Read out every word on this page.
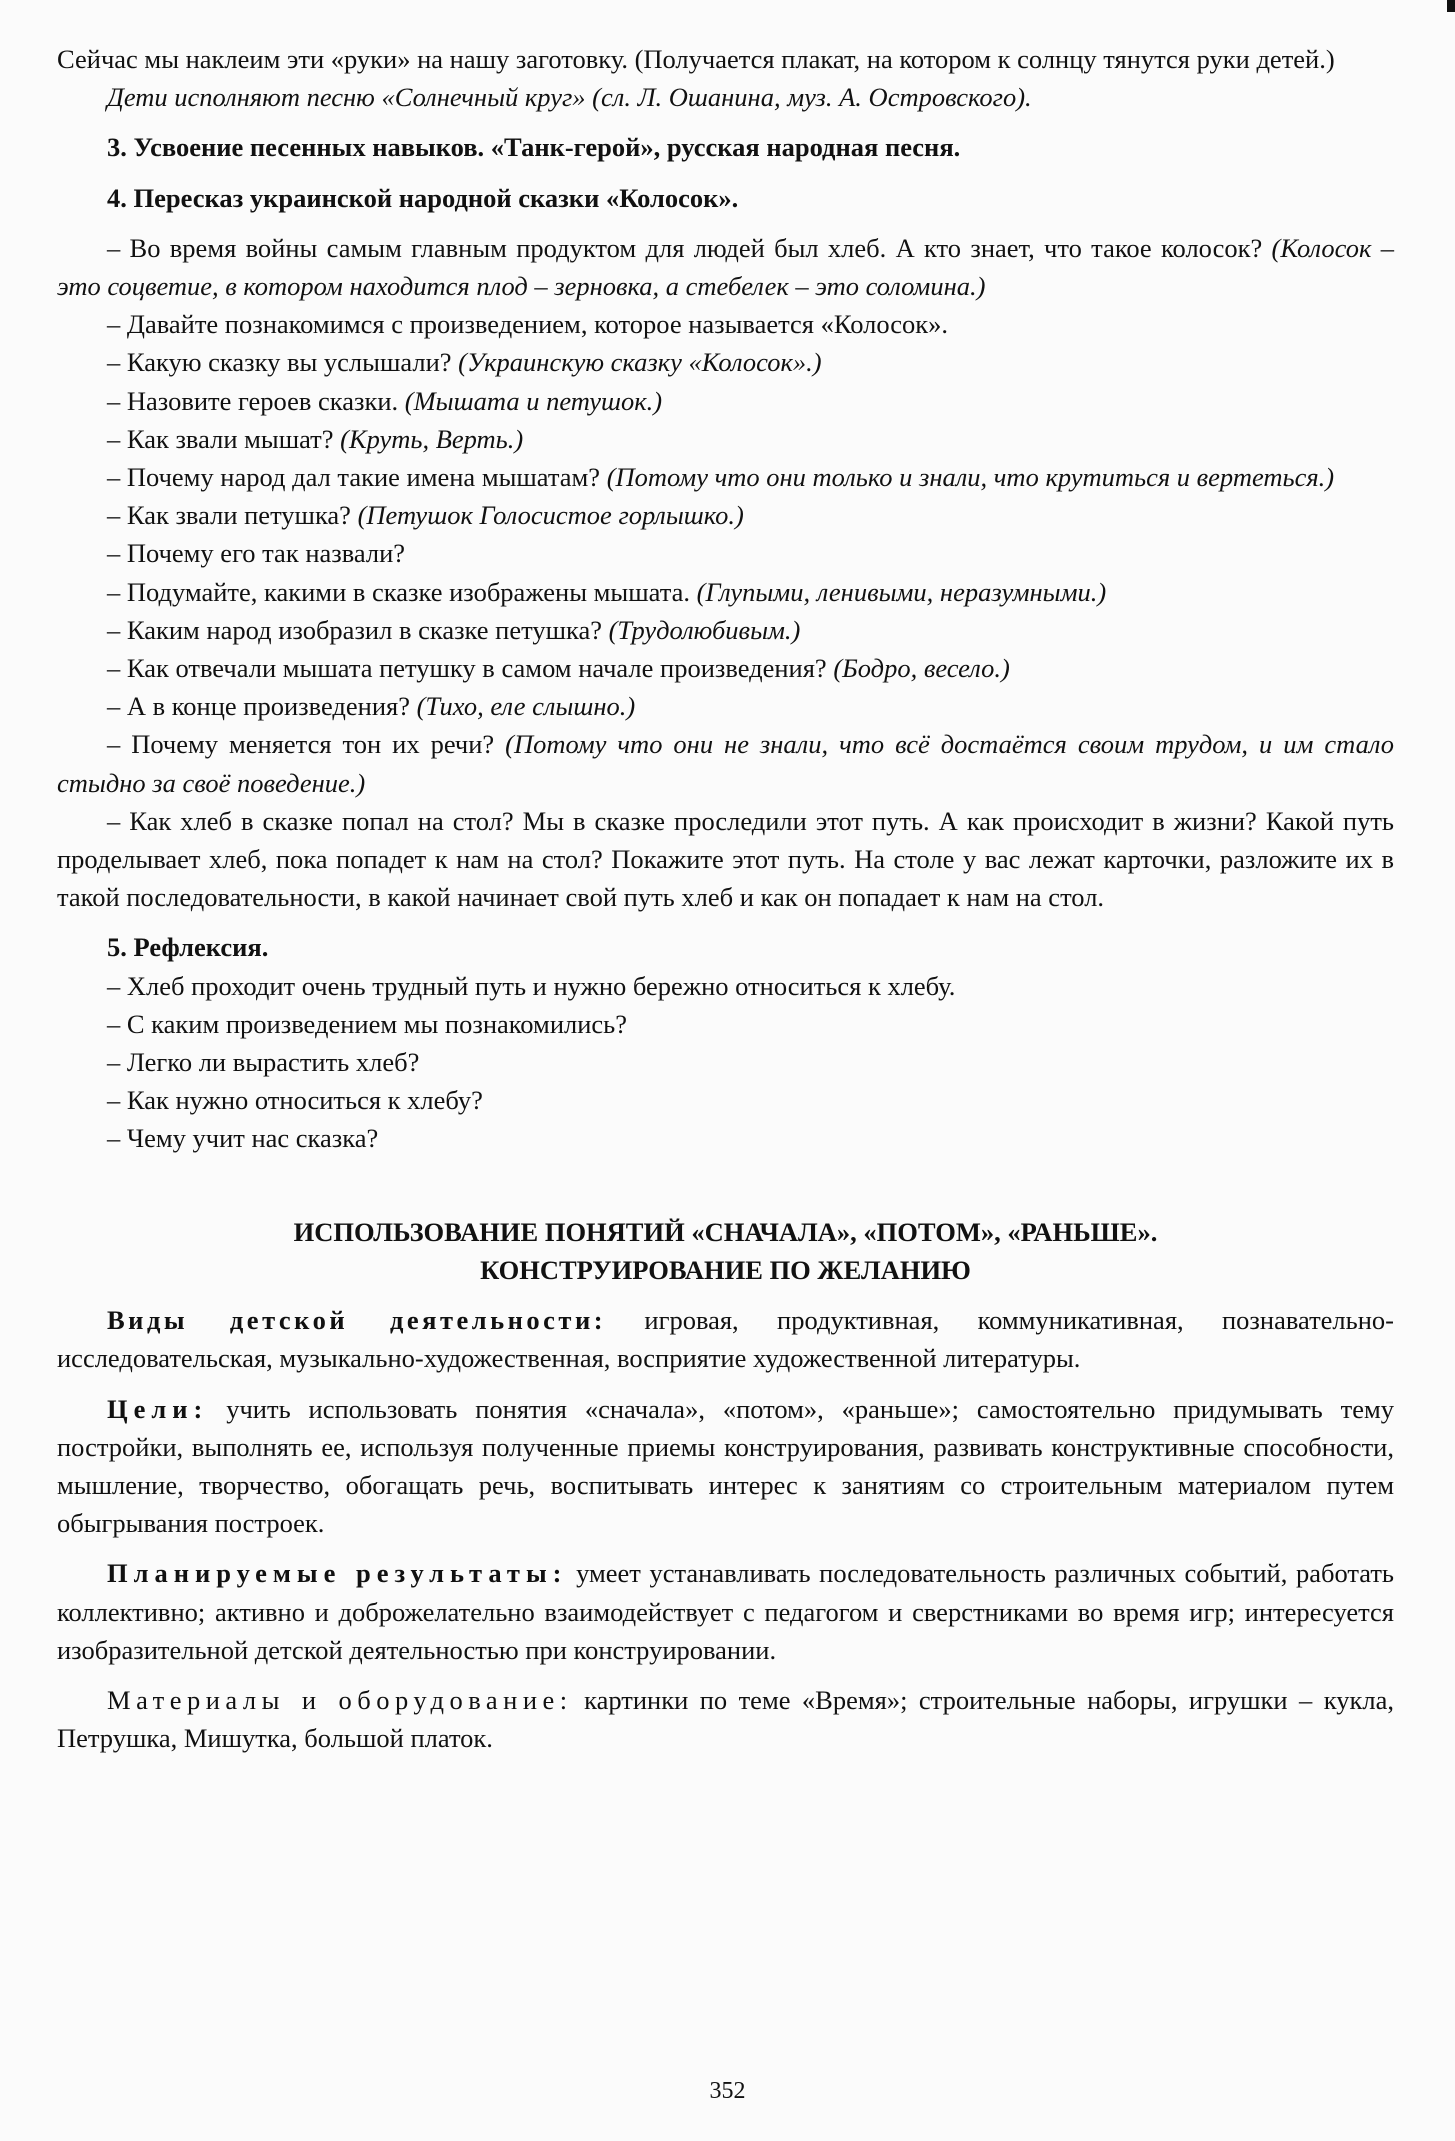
Сейчас мы наклеим эти «руки» на нашу заготовку. (Получается плакат, на котором к солнцу тянутся руки детей.)

Дети исполняют песню «Солнечный круг» (сл. Л. Ошанина, муз. А. Островского).

3. Усвоение песенных навыков. «Танк-герой», русская народная песня.

4. Пересказ украинской народной сказки «Колосок».

– Во время войны самым главным продуктом для людей был хлеб. А кто знает, что такое колосок? (Колосок – это соцветие, в котором находится плод – зерновка, а стебелек – это соломина.)

– Давайте познакомимся с произведением, которое называется «Колосок».

– Какую сказку вы услышали? (Украинскую сказку «Колосок».)

– Назовите героев сказки. (Мышата и петушок.)

– Как звали мышат? (Круть, Верть.)

– Почему народ дал такие имена мышатам? (Потому что они только и знали, что крутиться и вертеться.)

– Как звали петушка? (Петушок Голосистое горлышко.)

– Почему его так назвали?

– Подумайте, какими в сказке изображены мышата. (Глупыми, ленивыми, неразумными.)

– Каким народ изобразил в сказке петушка? (Трудолюбивым.)

– Как отвечали мышата петушку в самом начале произведения? (Бодро, весело.)

– А в конце произведения? (Тихо, еле слышно.)

– Почему меняется тон их речи? (Потому что они не знали, что всё достаётся своим трудом, и им стало стыдно за своё поведение.)

– Как хлеб в сказке попал на стол? Мы в сказке проследили этот путь. А как происходит в жизни? Какой путь проделывает хлеб, пока попадет к нам на стол? Покажите этот путь. На столе у вас лежат карточки, разложите их в такой последовательности, в какой начинает свой путь хлеб и как он попадает к нам на стол.

5. Рефлексия.

– Хлеб проходит очень трудный путь и нужно бережно относиться к хлебу.

– С каким произведением мы познакомились?

– Легко ли вырастить хлеб?

– Как нужно относиться к хлебу?

– Чему учит нас сказка?

ИСПОЛЬЗОВАНИЕ ПОНЯТИЙ «СНАЧАЛА», «ПОТОМ», «РАНЬШЕ».

КОНСТРУИРОВАНИЕ ПО ЖЕЛАНИЮ

Виды детской деятельности: игровая, продуктивная, коммуникативная, познавательно-исследовательская, музыкально-художественная, восприятие художественной литературы.

Цели: учить использовать понятия «сначала», «потом», «раньше»; самостоятельно придумывать тему постройки, выполнять ее, используя полученные приемы конструирования, развивать конструктивные способности, мышление, творчество, обогащать речь, воспитывать интерес к занятиям со строительным материалом путем обыгрывания построек.

Планируемые результаты: умеет устанавливать последовательность различных событий, работать коллективно; активно и доброжелательно взаимодействует с педагогом и сверстниками во время игр; интересуется изобразительной детской деятельностью при конструировании.

Материалы и оборудование: картинки по теме «Время»; строительные наборы, игрушки – кукла, Петрушка, Мишутка, большой платок.

352
